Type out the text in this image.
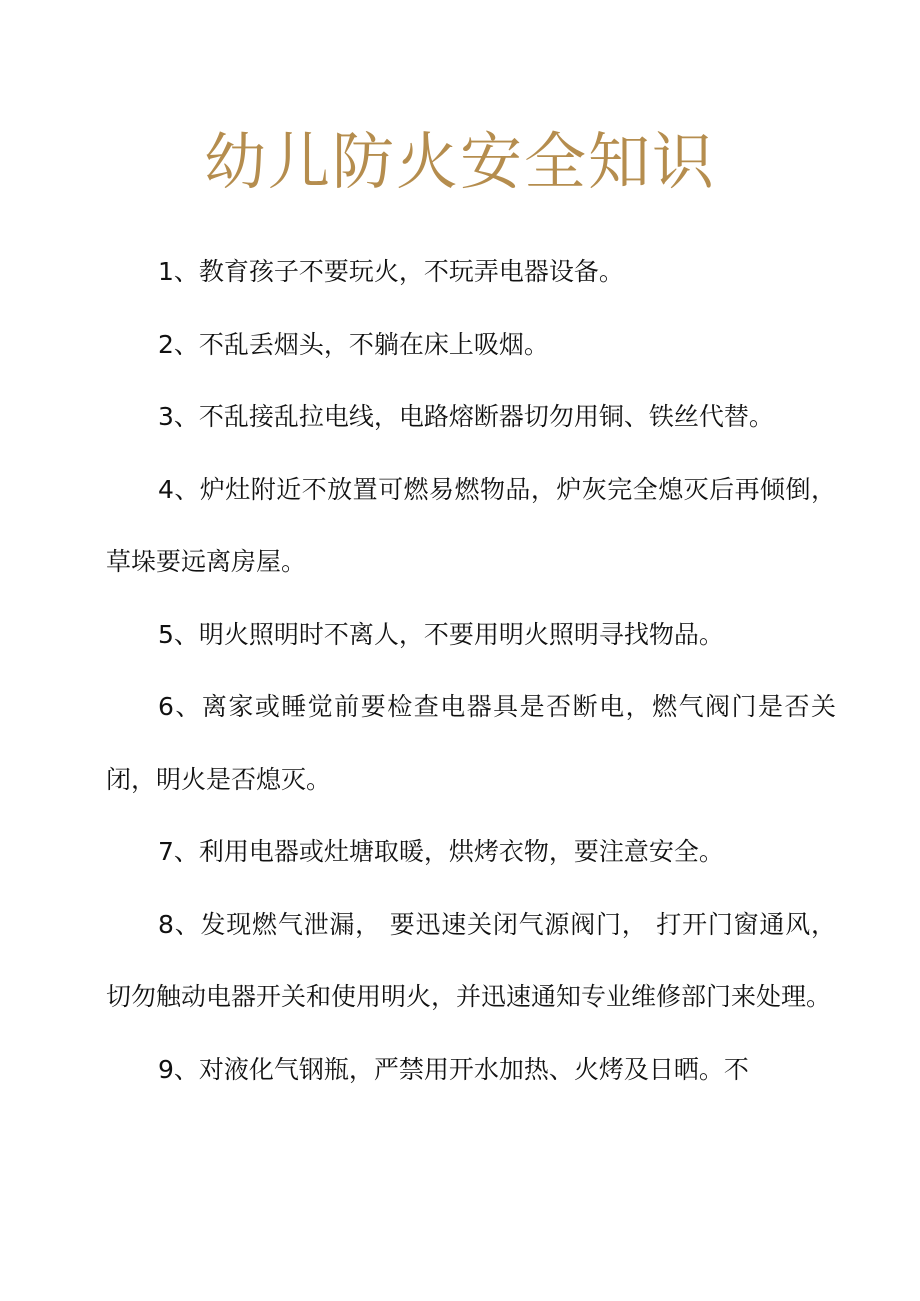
幼儿防火安全知识

1、教育孩子不要玩火，不玩弄电器设备。

2、不乱丢烟头，不躺在床上吸烟。

3、不乱接乱拉电线，电路熔断器切勿用铜、铁丝代替。

4、炉灶附近不放置可燃易燃物品，炉灰完全熄灭后再倾倒，草垛要远离房屋。

5、明火照明时不离人，不要用明火照明寻找物品。

6、离家或睡觉前要检查电器具是否断电，燃气阀门是否关闭，明火是否熄灭。

7、利用电器或灶塘取暖，烘烤衣物，要注意安全。

8、发现燃气泄漏， 要迅速关闭气源阀门， 打开门窗通风，切勿触动电器开关和使用明火，并迅速通知专业维修部门来处理。

9、对液化气钢瓶，严禁用开水加热、火烤及日晒。不
